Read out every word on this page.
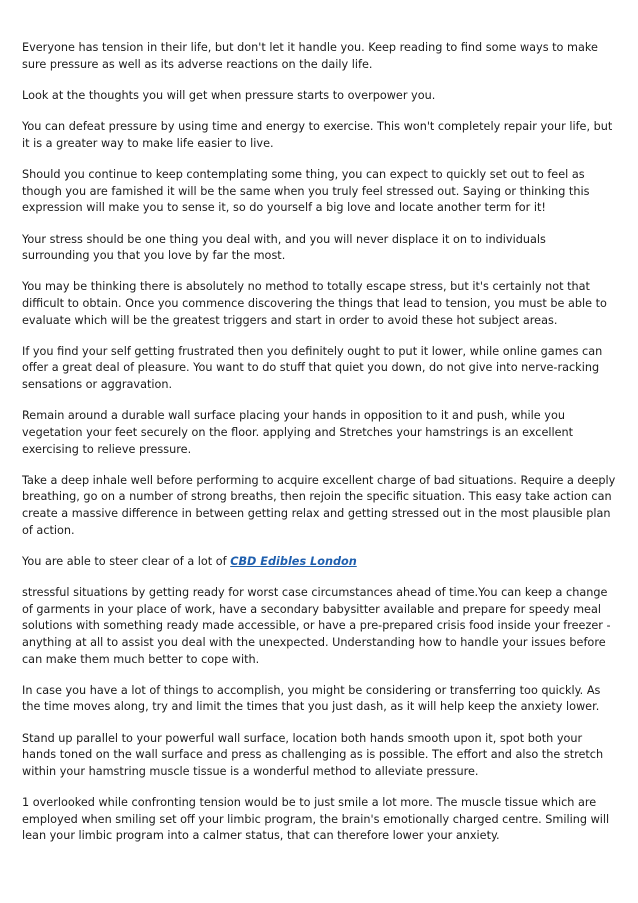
Everyone has tension in their life, but don't let it handle you. Keep reading to find some ways to make sure pressure as well as its adverse reactions on the daily life.

Look at the thoughts you will get when pressure starts to overpower you.

You can defeat pressure by using time and energy to exercise. This won't completely repair your life, but it is a greater way to make life easier to live.

Should you continue to keep contemplating some thing, you can expect to quickly set out to feel as though you are famished it will be the same when you truly feel stressed out. Saying or thinking this expression will make you to sense it, so do yourself a big love and locate another term for it!

Your stress should be one thing you deal with, and you will never displace it on to individuals surrounding you that you love by far the most.

You may be thinking there is absolutely no method to totally escape stress, but it's certainly not that difficult to obtain. Once you commence discovering the things that lead to tension, you must be able to evaluate which will be the greatest triggers and start in order to avoid these hot subject areas.

If you find your self getting frustrated then you definitely ought to put it lower, while online games can offer a great deal of pleasure. You want to do stuff that quiet you down, do not give into nerve-racking sensations or aggravation.

Remain around a durable wall surface placing your hands in opposition to it and push, while you vegetation your feet securely on the floor. applying and Stretches your hamstrings is an excellent exercising to relieve pressure.

Take a deep inhale well before performing to acquire excellent charge of bad situations. Require a deeply breathing, go on a number of strong breaths, then rejoin the specific situation. This easy take action can create a massive difference in between getting relax and getting stressed out in the most plausible plan of action.

You are able to steer clear of a lot of CBD Edibles London

stressful situations by getting ready for worst case circumstances ahead of time.You can keep a change of garments in your place of work, have a secondary babysitter available and prepare for speedy meal solutions with something ready made accessible, or have a pre-prepared crisis food inside your freezer - anything at all to assist you deal with the unexpected. Understanding how to handle your issues before can make them much better to cope with.

In case you have a lot of things to accomplish, you might be considering or transferring too quickly. As the time moves along, try and limit the times that you just dash, as it will help keep the anxiety lower.

Stand up parallel to your powerful wall surface, location both hands smooth upon it, spot both your hands toned on the wall surface and press as challenging as is possible. The effort and also the stretch within your hamstring muscle tissue is a wonderful method to alleviate pressure.

1 overlooked while confronting tension would be to just smile a lot more. The muscle tissue which are employed when smiling set off your limbic program, the brain's emotionally charged centre. Smiling will lean your limbic program into a calmer status, that can therefore lower your anxiety.
